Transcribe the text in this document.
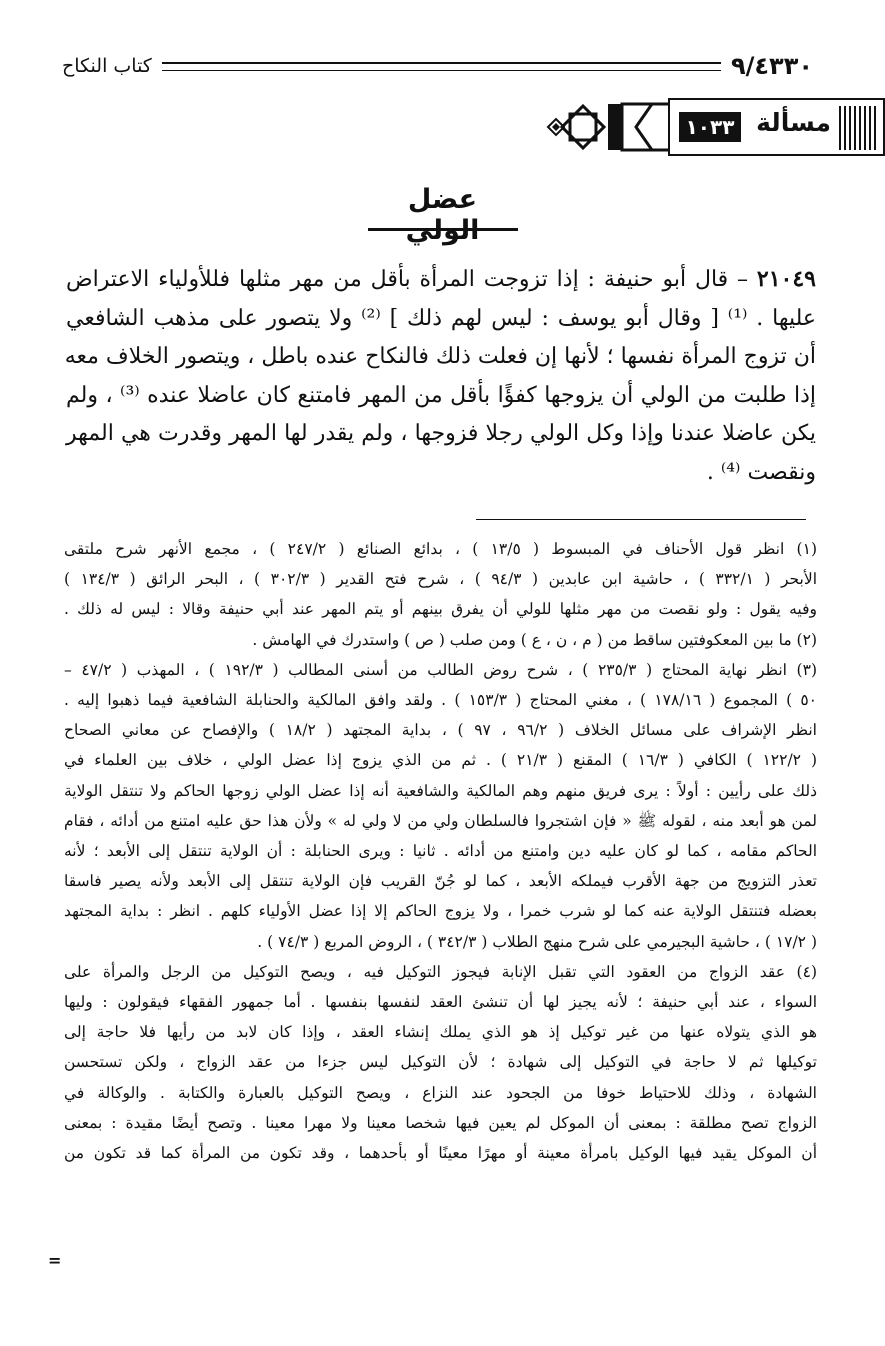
٩/٤٣٣٠
كتاب النكاح
مسألة
١٠٣٣
عضل الولي
٢١٠٤٩ – قال أبو حنيفة : إذا تزوجت المرأة بأقل من مهر مثلها فللأولياء الاعتراض
عليها . ⁽¹⁾ [ وقال أبو يوسف : ليس لهم ذلك ] ⁽²⁾ ولا يتصور على مذهب الشافعي
أن تزوج المرأة نفسها ؛ لأنها إن فعلت ذلك فالنكاح عنده باطل ، ويتصور الخلاف معه
إذا طلبت من الولي أن يزوجها كفؤًا بأقل من المهر فامتنع كان عاضلا عنده ⁽³⁾ ، ولم
يكن عاضلا عندنا وإذا وكل الولي رجلا فزوجها ، ولم يقدر لها المهر وقدرت هي المهر
ونقصت ⁽⁴⁾ .
(١) انظر قول الأحناف في المبسوط ( ١٣/٥ ) ، بدائع الصنائع ( ٢٤٧/٢ ) ، مجمع الأنهر شرح ملتقى
الأبحر ( ٣٣٢/١ ) ، حاشية ابن عابدين ( ٩٤/٣ ) ، شرح فتح القدير ( ٣٠٢/٣ ) ، البحر الرائق ( ١٣٤/٣ )
وفيه يقول : ولو نقصت من مهر مثلها للولي أن يفرق بينهم أو يتم المهر عند أبي حنيفة وقالا : ليس له ذلك .
(٢) ما بين المعكوفتين ساقط من ( م ، ن ، ع ) ومن صلب ( ص ) واستدرك في الهامش .
(٣) انظر نهاية المحتاج ( ٢٣٥/٣ ) ، شرح روض الطالب من أسنى المطالب ( ١٩٢/٣ ) ، المهذب ( ٤٧/٢ –
٥٠ ) المجموع ( ١٧٨/١٦ ) ، مغني المحتاج ( ١٥٣/٣ ) . ولقد وافق المالكية والحنابلة الشافعية فيما ذهبوا إليه .
انظر الإشراف على مسائل الخلاف ( ٩٦/٢ ، ٩٧ ) ، بداية المجتهد ( ١٨/٢ ) والإفصاح عن معاني الصحاح
( ١٢٢/٢ ) الكافي ( ١٦/٣ ) المقنع ( ٢١/٣ ) . ثم من الذي يزوج إذا عضل الولي ، خلاف بين العلماء في
ذلك على رأيين : أولاً : يرى فريق منهم وهم المالكية والشافعية أنه إذا عضل الولي زوجها الحاكم ولا تنتقل الولاية
لمن هو أبعد منه ، لقوله ﷺ « فإن اشتجروا فالسلطان ولي من لا ولي له » ولأن هذا حق عليه امتنع من أدائه ، فقام
الحاكم مقامه ، كما لو كان عليه دين وامتنع من أدائه . ثانيا : ويرى الحنابلة : أن الولاية تنتقل إلى الأبعد ؛ لأنه
تعذر التزويج من جهة الأقرب فيملكه الأبعد ، كما لو جُنّ القريب فإن الولاية تنتقل إلى الأبعد ولأنه يصير فاسقا
بعضله فتنتقل الولاية عنه كما لو شرب خمرا ، ولا يزوج الحاكم إلا إذا عضل الأولياء كلهم . انظر : بداية المجتهد
( ١٧/٢ ) ، حاشية البجيرمي على شرح منهج الطلاب ( ٣٤٢/٣ ) ، الروض المربع ( ٧٤/٣ ) .
(٤) عقد الزواج من العقود التي تقبل الإنابة فيجوز التوكيل فيه ، ويصح التوكيل من الرجل والمرأة على
السواء ، عند أبي حنيفة ؛ لأنه يجيز لها أن تنشئ العقد لنفسها بنفسها . أما جمهور الفقهاء فيقولون : وليها
هو الذي يتولاه عنها من غير توكيل إذ هو الذي يملك إنشاء العقد ، وإذا كان لابد من رأيها فلا حاجة إلى
توكيلها ثم لا حاجة في التوكيل إلى شهادة ؛ لأن التوكيل ليس جزءا من عقد الزواج ، ولكن تستحسن
الشهادة ، وذلك للاحتياط خوفا من الجحود عند النزاع ، ويصح التوكيل بالعبارة والكتابة . والوكالة في
الزواج تصح مطلقة : بمعنى أن الموكل لم يعين فيها شخصا معينا ولا مهرا معينا . وتصح أيضًا مقيدة : بمعنى
أن الموكل يقيد فيها الوكيل بامرأة معينة أو مهرًا معينًا أو بأحدهما ، وقد تكون من المرأة كما قد تكون من
=
